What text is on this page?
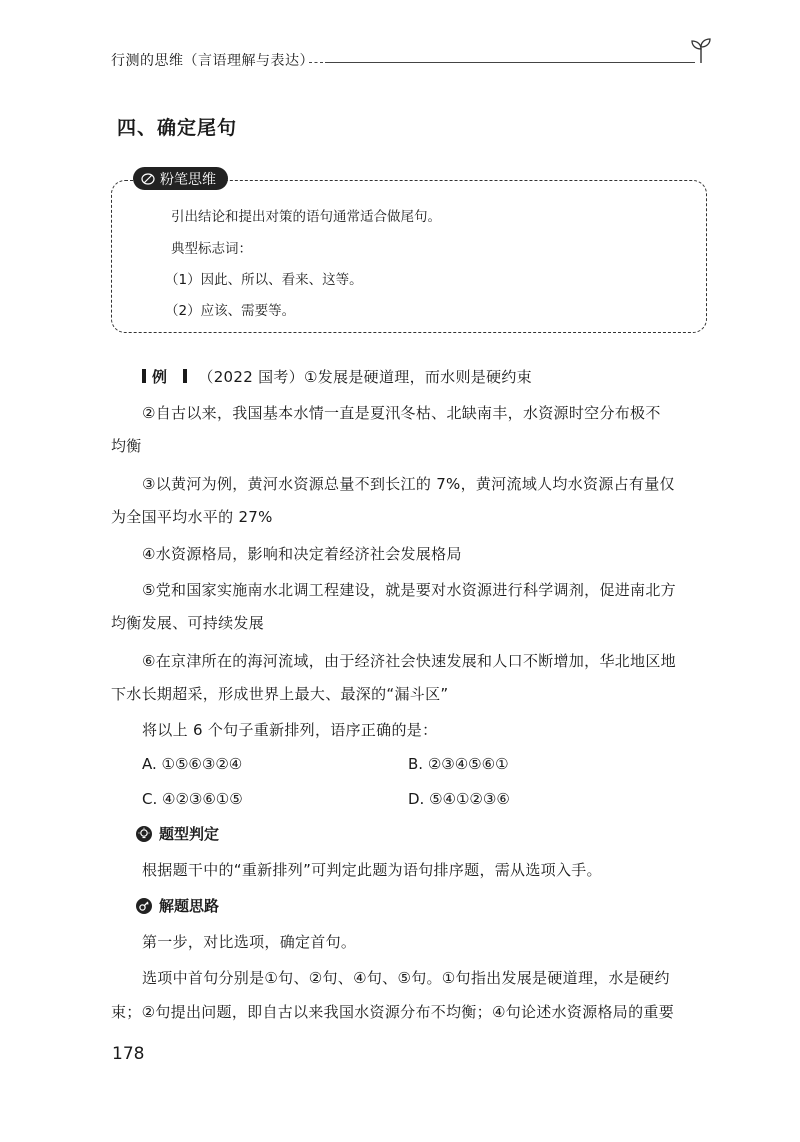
行测的思维（言语理解与表达）
四、确定尾句
粉笔思维
引出结论和提出对策的语句通常适合做尾句。
典型标志词：
（1）因此、所以、看来、这等。
（2）应该、需要等。
例 （2022 国考）①发展是硬道理，而水则是硬约束
②自古以来，我国基本水情一直是夏汛冬枯、北缺南丰，水资源时空分布极不
均衡
③以黄河为例，黄河水资源总量不到长江的 7%，黄河流域人均水资源占有量仅
为全国平均水平的 27%
④水资源格局，影响和决定着经济社会发展格局
⑤党和国家实施南水北调工程建设，就是要对水资源进行科学调剂，促进南北方
均衡发展、可持续发展
⑥在京津所在的海河流域，由于经济社会快速发展和人口不断增加，华北地区地
下水长期超采，形成世界上最大、最深的“漏斗区”
将以上 6 个句子重新排列，语序正确的是：
A. ①⑤⑥③②④	B. ②③④⑤⑥①
C. ④②③⑥①⑤	D. ⑤④①②③⑥
题型判定
根据题干中的“重新排列”可判定此题为语句排序题，需从选项入手。
解题思路
第一步，对比选项，确定首句。
选项中首句分别是①句、②句、④句、⑤句。①句指出发展是硬道理，水是硬约
束；②句提出问题，即自古以来我国水资源分布不均衡；④句论述水资源格局的重要
178
